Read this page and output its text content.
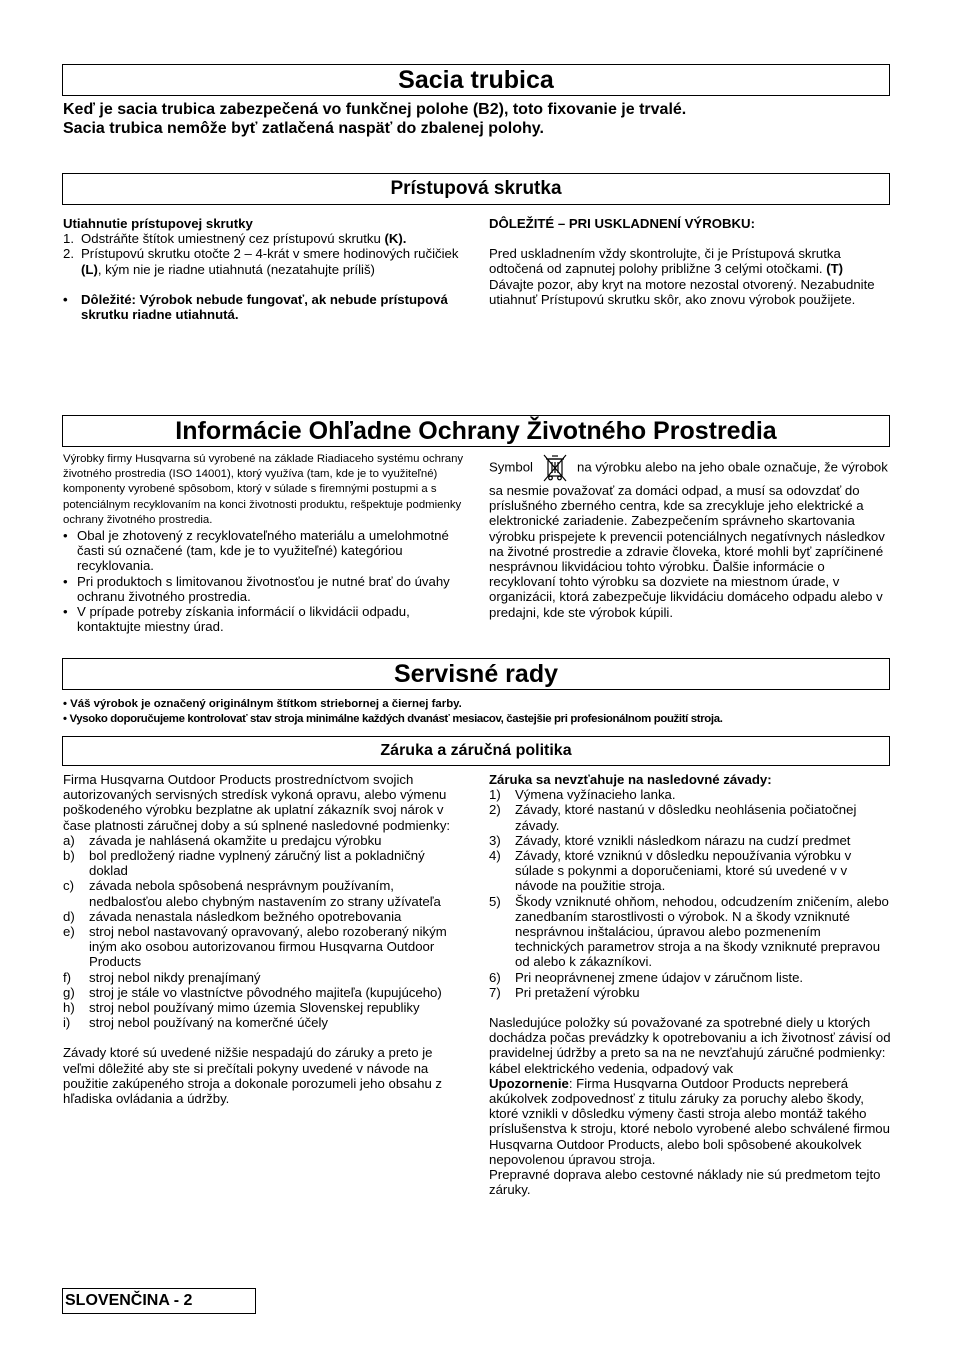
Sacia trubica
Keď je sacia trubica zabezpečená vo funkčnej polohe (B2), toto fixovanie je trvalé.
Sacia trubica nemôže byť zatlačená naspäť do zbalenej polohy.
Prístupová skrutka
Utiahnutie prístupovej skrutky
1. Odstráňte štítok umiestnený cez prístupovú skrutku (K).
2. Prístupovú skrutku otočte 2 – 4-krát v smere hodinových ručičiek (L), kým nie je riadne utiahnutá (nezatahujte príliš)
• Dôležité: Výrobok nebude fungovať, ak nebude prístupová skrutku riadne utiahnutá.
DÔLEŽITÉ – PRI USKLADNENÍ VÝROBKU:

Pred uskladnením vždy skontrolujte, či je Prístupová skrutka odtočená od zapnutej polohy približne 3 celými otočkami. (T)

Dávajte pozor, aby kryt na motore nezostal otvorený. Nezabudnite utiahnuť Prístupovú skrutku skôr, ako znovu výrobok použijete.

Informácie Ohľadne Ochrany Životného Prostredia

Výrobky firmy Husqvarna sú vyrobené na základe Riadiaceho systému ochrany životného prostredia (ISO 14001), ktorý využíva (tam, kde je to využiteľné) komponenty vyrobené spôsobom, ktorý v súlade s firemnými postupmi a s potenciálnym recyklovaním na konci životnosti produktu, rešpektuje podmienky ochrany životného prostredia.

• Obal je zhotovený z recyklovateľného materiálu a umelohmotné časti sú označené (tam, kde je to využiteľné) kategóriou recyklovania.
• Pri produktoch s limitovanou životnosťou je nutné brať do úvahy ochranu životného prostredia.
• V prípade potreby získania informácií o likvidácii odpadu, kontaktujte miestny úrad.
Symbol	na výrobku alebo na jeho obale označuje, že výrobok sa nesmie považovať za domáci odpad, a musí sa odovzdať do príslušného zberného centra, kde sa zrecykluje jeho elektrické a elektronické zariadenie. Zabezpečením správneho skartovania výrobku prispejete k prevencii potenciálnych negatívnych následkov na životné prostredie a zdravie človeka, ktoré mohli byť zapríčinené nesprávnou likvidáciou tohto výrobku. Ďalšie informácie o recyklovaní tohto výrobku sa dozviete na miestnom úrade, v organizácii, ktorá zabezpečuje likvidáciu domáceho odpadu alebo v predajni, kde ste výrobok kúpili.
Servisné rady
• Váš výrobok je označený originálnym štítkom striebornej a čiernej farby.
• Vysoko doporučujeme kontrolovať stav stroja minimálne každých dvanásť mesiacov, častejšie pri profesionálnom použití stroja.
Záruka a záručná politika

Firma Husqvarna Outdoor Products prostredníctvom svojich autorizovaných servisných stredísk vykoná opravu, alebo výmenu poškodeného výrobku bezplatne ak uplatní zákazník svoj nárok v čase platnosti záručnej doby a sú splnené nasledovné podmienky:

a) závada je nahlásená okamžite u predajcu výrobku
b) bol predložený riadne vyplnený záručný list a pokladničný doklad
c) závada nebola spôsobená nesprávnym používaním, nedbalosťou alebo chybným nastavením zo strany užívateľa
d) závada nenastala následkom bežného opotrebovania
e) stroj nebol nastavovaný opravovaný, alebo rozoberaný nikým iným ako osobou autorizovanou firmou Husqvarna Outdoor Products
f) stroj nebol nikdy prenajímaný
g) stroj je stále vo vlastníctve pôvodného majiteľa (kupujúceho)
h) stroj nebol používaný mimo územia Slovenskej republiky
i) stroj nebol používaný na komerčné účely

Závady ktoré sú uvedené nižšie nespadajú do záruky a preto je veľmi dôležité aby ste si prečítali pokyny uvedené v návode na použitie zakúpeného stroja a dokonale porozumeli jeho obsahu z hľadiska ovládania a údržby.

Záruka sa nevzťahuje na nasledovné závady:
1) Výmena vyžínacieho lanka.
2) Závady, ktoré nastanú v dôsledku neohlásenia počiatočnej závady.
3) Závady, ktoré vznikli následkom nárazu na cudzí predmet
4) Závady, ktoré vzniknú v dôsledku nepoužívania výrobku v súlade s pokynmi a doporučeniami, ktoré sú uvedené v v návode na použitie stroja.
5) Škody vzniknuté ohňom, nehodou, odcudzením zničením, alebo zanedbaním starostlivosti o výrobok. N a škody vzniknuté nesprávnou inštaláciou, úpravou alebo pozmenením technických parametrov stroja a na škody vzniknuté prepravou od alebo k zákazníkovi.
6) Pri neoprávnenej zmene údajov v záručnom liste.
7) Pri pretažení výrobku

Nasledujúce položky sú považované za spotrebné diely u ktorých dochádza počas prevádzky k opotrebovaniu a ich životnosť závisí od pravidelnej údržby a preto sa na ne nevzťahujú záručné podmienky: kábel elektrického vedenia, odpadový vak

Upozornenie: Firma Husqvarna Outdoor Products nepreberá akúkolvek zodpovednosť z titulu záruky za poruchy alebo škody, ktoré vznikli v dôsledku výmeny časti stroja alebo montáž takého príslušenstva k stroju, ktoré nebolo vyrobené alebo schválené firmou Husqvarna Outdoor Products, alebo boli spôsobené akoukolvek nepovolenou úpravou stroja.

Prepravné doprava alebo cestovné náklady nie sú predmetom tejto záruky.

SLOVENČINA - 2
